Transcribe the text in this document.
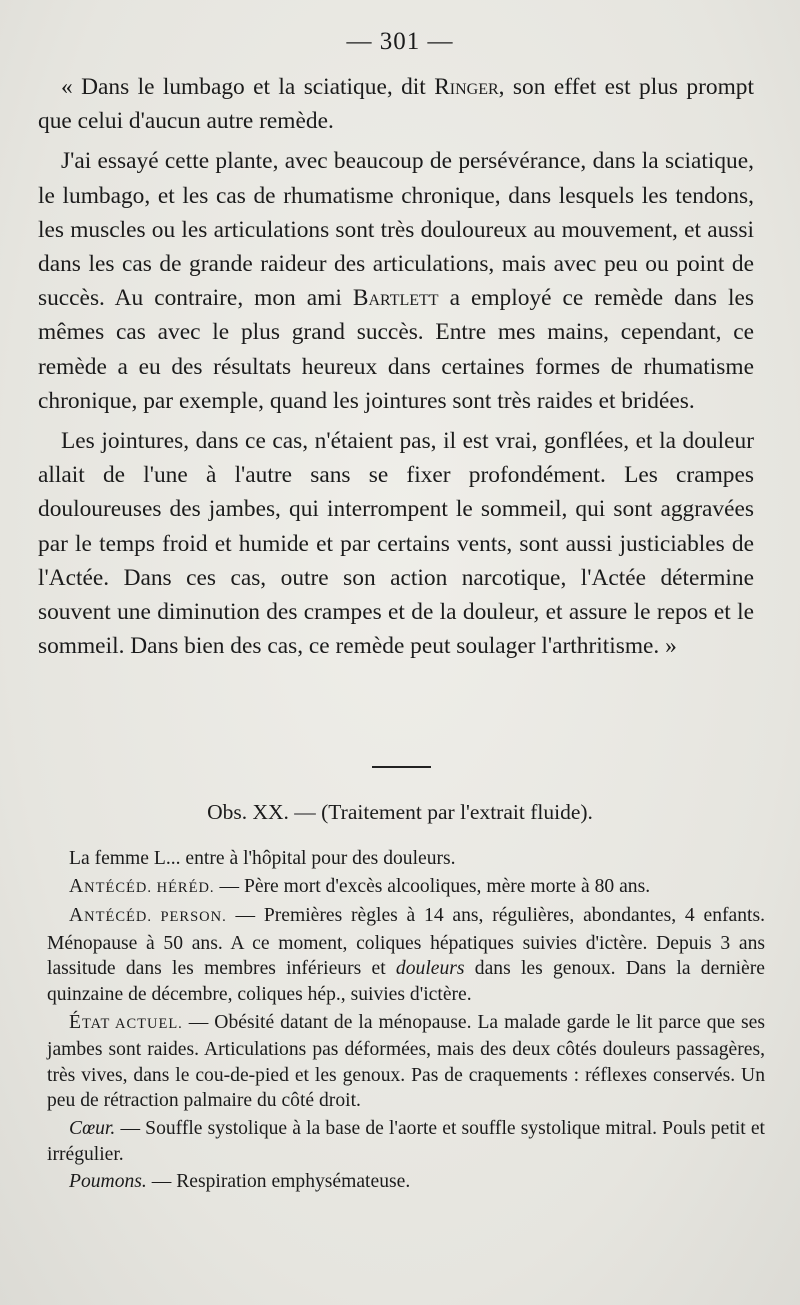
— 301 —

« Dans le lumbago et la sciatique, dit Ringer, son effet est plus prompt que celui d'aucun autre remède.

J'ai essayé cette plante, avec beaucoup de persévérance, dans la sciatique, le lumbago, et les cas de rhumatisme chronique, dans lesquels les tendons, les muscles ou les articulations sont très douloureux au mouvement, et aussi dans les cas de grande raideur des articulations, mais avec peu ou point de succès. Au contraire, mon ami Bartlett a employé ce remède dans les mêmes cas avec le plus grand succès. Entre mes mains, cependant, ce remède a eu des résultats heureux dans certaines formes de rhumatisme chronique, par exemple, quand les jointures sont très raides et bridées.

Les jointures, dans ce cas, n'étaient pas, il est vrai, gonflées, et la douleur allait de l'une à l'autre sans se fixer profondément. Les crampes douloureuses des jambes, qui interrompent le sommeil, qui sont aggravées par le temps froid et humide et par certains vents, sont aussi justiciables de l'Actée. Dans ces cas, outre son action narcotique, l'Actée détermine souvent une diminution des crampes et de la douleur, et assure le repos et le sommeil. Dans bien des cas, ce remède peut soulager l'arthritisme. »

Obs. XX. — (Traitement par l'extrait fluide).

La femme L... entre à l'hôpital pour des douleurs.

ANTÉCÉD. HÉRÉD. — Père mort d'excès alcooliques, mère morte à 80 ans.

ANTÉCÉD. PERSON. — Premières règles à 14 ans, régulières, abondantes, 4 enfants. Ménopause à 50 ans. A ce moment, coliques hépatiques suivies d'ictère. Depuis 3 ans lassitude dans les membres inférieurs et douleurs dans les genoux. Dans la dernière quinzaine de décembre, coliques hép., suivies d'ictère.

ÉTAT ACTUEL. — Obésité datant de la ménopause. La malade garde le lit parce que ses jambes sont raides. Articulations pas déformées, mais des deux côtés douleurs passagères, très vives, dans le cou-de-pied et les genoux. Pas de craquements : réflexes conservés. Un peu de rétraction palmaire du côté droit.

Cœur. — Souffle systolique à la base de l'aorte et souffle systolique mitral. Pouls petit et irrégulier.

Poumons. — Respiration emphysémateuse.
